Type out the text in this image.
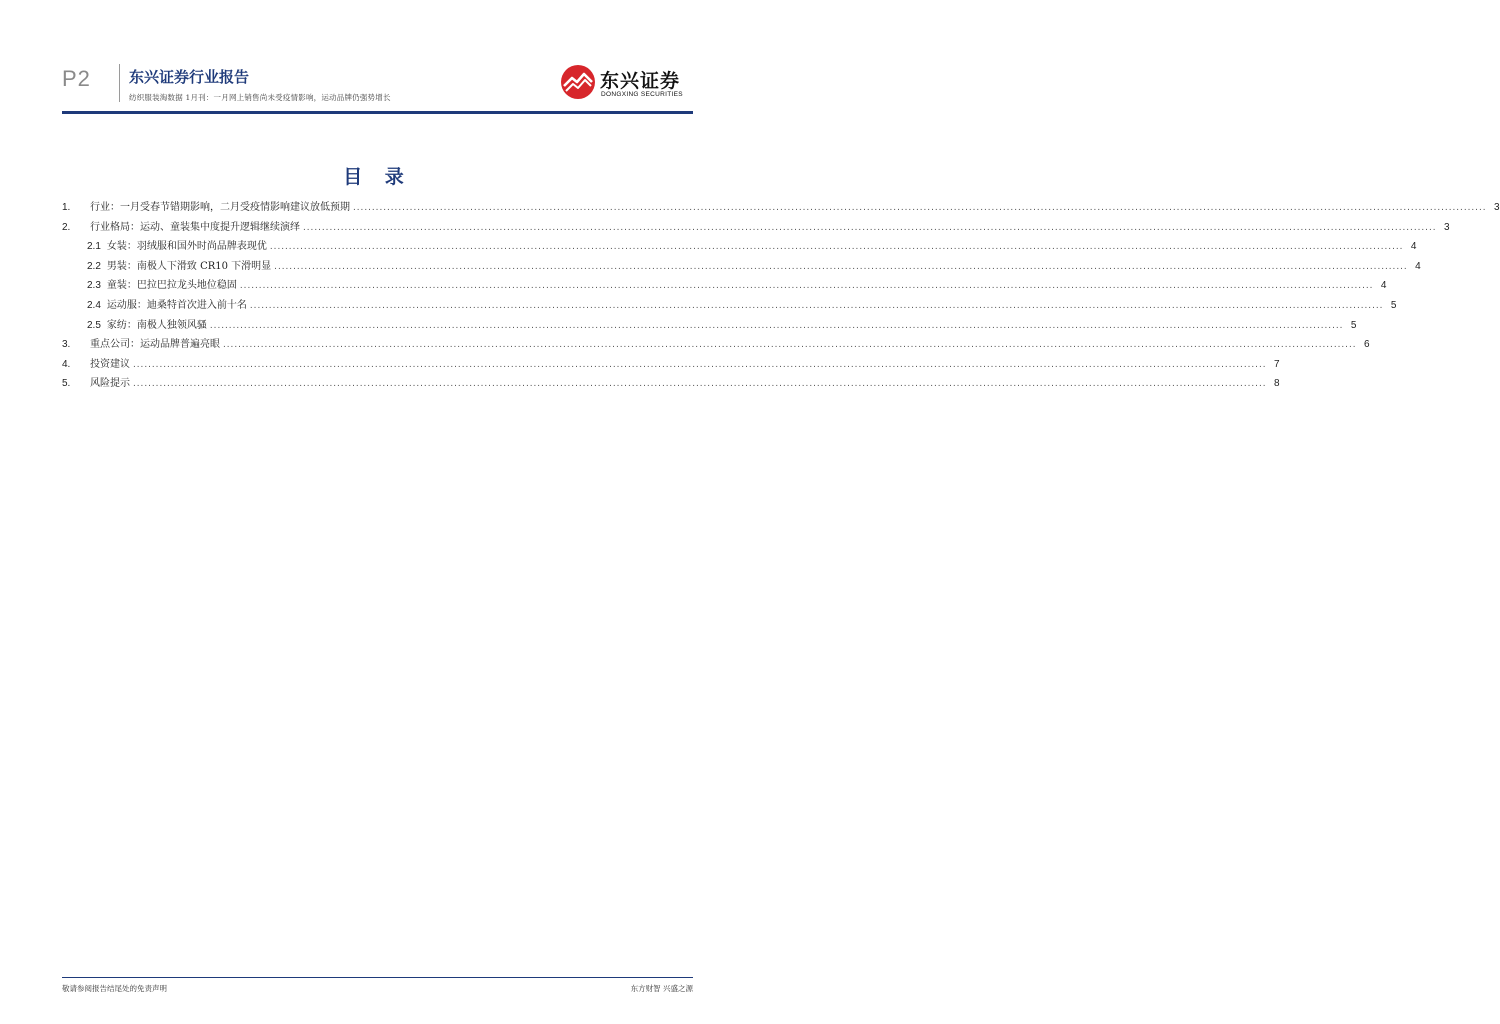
P2	东兴证券行业报告
纺织服装淘数据 1月刊：一月网上销售尚未受疫情影响，运动品牌仍强势增长
东兴证券
DONGXING SECURITIES
目 录
1.	行业：一月受春节错期影响，二月受疫情影响建议放低预期 ............................................................................................................................................................................................................................................................................................................ 3
2.	行业格局：运动、童装集中度提升逻辑继续演绎 ............................................................................................................................................................................................................................................................................................................ 3
2.1 女装：羽绒服和国外时尚品牌表现优 ............................................................................................................................................................................................................................................................................................................ 4
2.2 男装：南极人下滑致 CR10 下滑明显 ............................................................................................................................................................................................................................................................................................................ 4
2.3 童装：巴拉巴拉龙头地位稳固 ............................................................................................................................................................................................................................................................................................................ 4
2.4 运动服：迪桑特首次进入前十名 ............................................................................................................................................................................................................................................................................................................ 5
2.5 家纺：南极人独领风骚 ............................................................................................................................................................................................................................................................................................................ 5
3.	重点公司：运动品牌普遍亮眼 ............................................................................................................................................................................................................................................................................................................ 6
4.	投资建议 ............................................................................................................................................................................................................................................................................................................ 7
5.	风险提示 ............................................................................................................................................................................................................................................................................................................ 8
敬请参阅报告结尾处的免责声明	东方财智 兴盛之源
